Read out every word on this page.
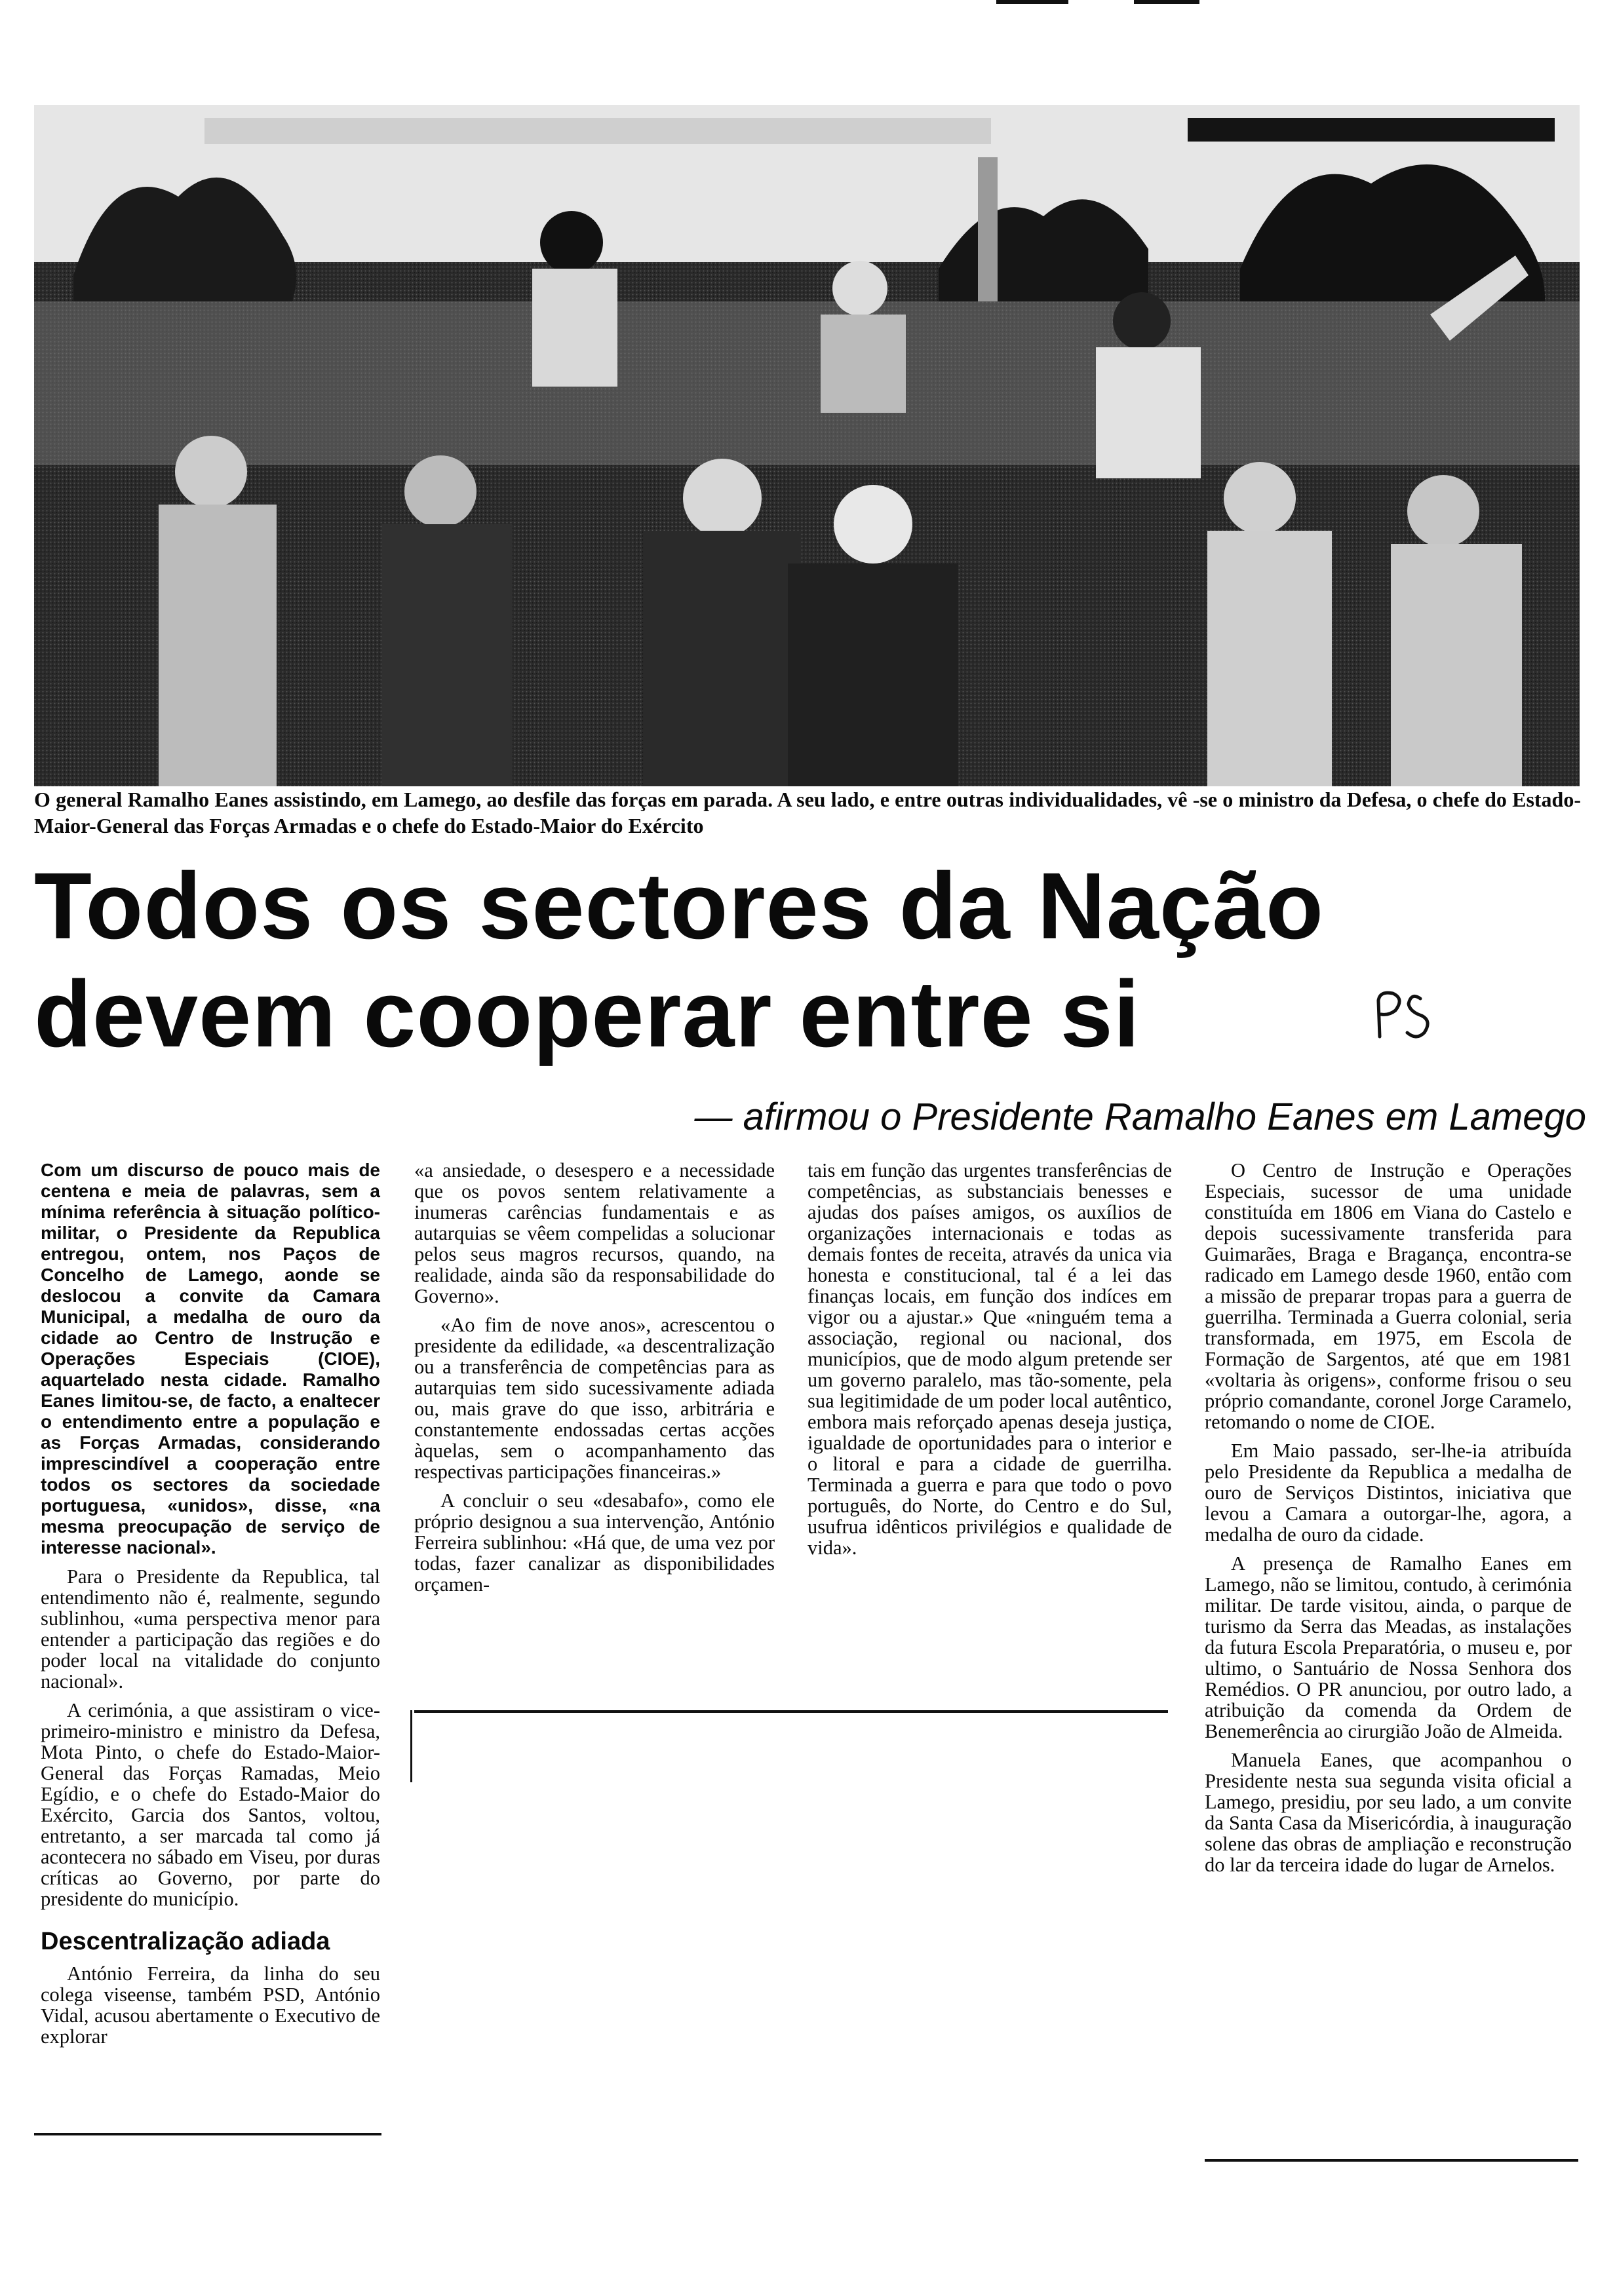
O general Ramalho Eanes assistindo, em Lamego, ao desfile das forças em parada. A seu lado, e entre outras individualidades, vê -se o ministro da Defesa, o chefe do Estado-Maior-General das Forças Armadas e o chefe do Estado-Maior do Exército
Todos os sectores da Nação
devem cooperar entre si
— afirmou o Presidente Ramalho Eanes em Lamego

Com um discurso de pouco mais de centena e meia de palavras, sem a mínima referência à situação político-militar, o Presidente da Republica entregou, ontem, nos Paços de Concelho de Lamego, aonde se deslocou a convite da Camara Municipal, a medalha de ouro da cidade ao Centro de Instrução e Operações Especiais (CIOE), aquartelado nesta cidade. Ramalho Eanes limitou-se, de facto, a enaltecer o entendimento entre a população e as Forças Armadas, considerando imprescindível a cooperação entre todos os sectores da sociedade portuguesa, «unidos», disse, «na mesma preocupação de serviço de interesse nacional».

Para o Presidente da Republica, tal entendimento não é, realmente, segundo sublinhou, «uma perspectiva menor para entender a participação das regiões e do poder local na vitalidade do conjunto nacional».

A cerimónia, a que assistiram o vice-primeiro-ministro e ministro da Defesa, Mota Pinto, o chefe do Estado-Maior-General das Forças Ramadas, Meio Egídio, e o chefe do Estado-Maior do Exército, Garcia dos Santos, voltou, entretanto, a ser marcada tal como já acontecera no sábado em Viseu, por duras críticas ao Governo, por parte do presidente do município.

Descentralização adiada

António Ferreira, da linha do seu colega viseense, também PSD, António Vidal, acusou abertamente o Executivo de explorar

«a ansiedade, o desespero e a necessidade que os povos sentem relativamente a inumeras carências fundamentais e as autarquias se vêem compelidas a solucionar pelos seus magros recursos, quando, na realidade, ainda são da responsabilidade do Governo».

«Ao fim de nove anos», acrescentou o presidente da edilidade, «a descentralização ou a transferência de competências para as autarquias tem sido sucessivamente adiada ou, mais grave do que isso, arbitrária e constantemente endossadas certas acções àquelas, sem o acompanhamento das respectivas participações financeiras.»

A concluir o seu «desabafo», como ele próprio designou a sua intervenção, António Ferreira sublinhou: «Há que, de uma vez por todas, fazer canalizar as disponibilidades orçamen-

tais em função das urgentes transferências de competências, as substanciais benesses e ajudas dos países amigos, os auxílios de organizações internacionais e todas as demais fontes de receita, através da unica via honesta e constitucional, tal é a lei das finanças locais, em função dos indíces em vigor ou a ajustar.» Que «ninguém tema a associação, regional ou nacional, dos municípios, que de modo algum pretende ser um governo paralelo, mas tão-somente, pela sua legitimidade de um poder local autêntico, embora mais reforçado apenas deseja justiça, igualdade de oportunidades para o interior e o litoral e para a cidade de guerrilha. Terminada a guerra e para que todo o povo português, do Norte, do Centro e do Sul, usufrua idênticos privilégios e qualidade de vida».

O Centro de Instrução e Operações Especiais, sucessor de uma unidade constituída em 1806 em Viana do Castelo e depois sucessivamente transferida para Guimarães, Braga e Bragança, encontra-se radicado em Lamego desde 1960, então com a missão de preparar tropas para a guerra de guerrilha. Terminada a Guerra colonial, seria transformada, em 1975, em Escola de Formação de Sargentos, até que em 1981 «voltaria às origens», conforme frisou o seu próprio comandante, coronel Jorge Caramelo, retomando o nome de CIOE.

Em Maio passado, ser-lhe-ia atribuída pelo Presidente da Republica a medalha de ouro de Serviços Distintos, iniciativa que levou a Camara a outorgar-lhe, agora, a medalha de ouro da cidade.

A presença de Ramalho Eanes em Lamego, não se limitou, contudo, à cerimónia militar. De tarde visitou, ainda, o parque de turismo da Serra das Meadas, as instalações da futura Escola Preparatória, o museu e, por ultimo, o Santuário de Nossa Senhora dos Remédios. O PR anunciou, por outro lado, a atribuição da comenda da Ordem de Benemerência ao cirurgião João de Almeida.

Manuela Eanes, que acompanhou o Presidente nesta sua segunda visita oficial a Lamego, presidiu, por seu lado, a um convite da Santa Casa da Misericórdia, à inauguração solene das obras de ampliação e reconstrução do lar da terceira idade do lugar de Arnelos.
